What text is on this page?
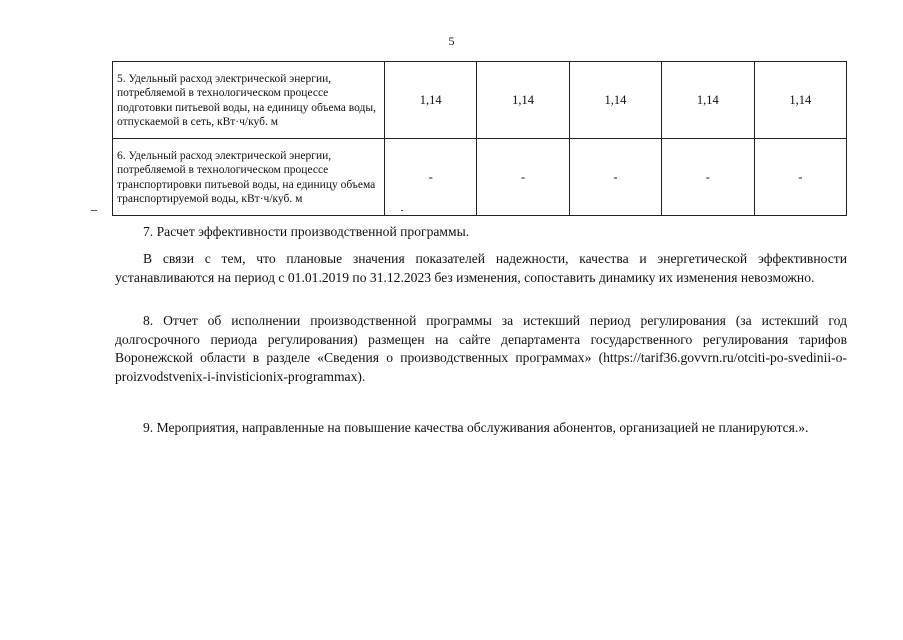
5
5. Удельный расход электрической энергии, потребляемой в технологическом процессе подготовки питьевой воды, на единицу объема воды, отпускаемой в сеть, кВт·ч/куб. м	1,14	1,14	1,14	1,14	1,14
6. Удельный расход электрической энергии, потребляемой в технологическом процессе транспортировки питьевой воды, на единицу объема транспортируемой воды, кВт·ч/куб. м	-	-	-	-	-

7. Расчет эффективности производственной программы.

В связи с тем, что плановые значения показателей надежности, качества и энергетической эффективности устанавливаются на период с 01.01.2019 по 31.12.2023 без изменения, сопоставить динамику их изменения невозможно.

8. Отчет об исполнении производственной программы за истекший период регулирования (за истекший год долгосрочного периода регулирования) размещен на сайте департамента государственного регулирования тарифов Воронежской области в разделе «Сведения о производственных программах» (https://tarif36.govvrn.ru/otciti-po-svedinii-o-proizvodstvenix-i-invisticionix-programmax).

9. Мероприятия, направленные на повышение качества обслуживания абонентов, организацией не планируются.».
